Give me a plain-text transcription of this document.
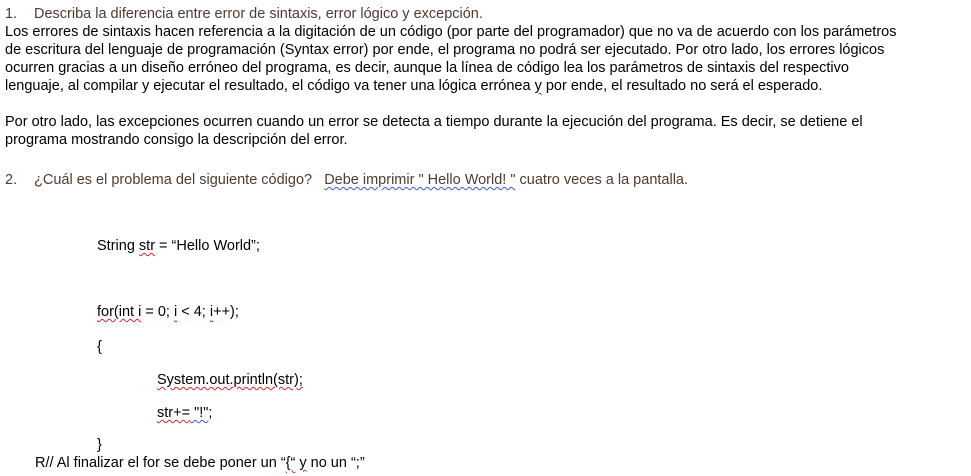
1. Describa la diferencia entre error de sintaxis, error lógico y excepción.
Los errores de sintaxis hacen referencia a la digitación de un código (por parte del programador) que no va de acuerdo con los parámetros
de escritura del lenguaje de programación (Syntax error) por ende, el programa no podrá ser ejecutado. Por otro lado, los errores lógicos
ocurren gracias a un diseño erróneo del programa, es decir, aunque la línea de código lea los parámetros de sintaxis del respectivo
lenguaje, al compilar y ejecutar el resultado, el código va tener una lógica errónea y por ende, el resultado no será el esperado.
Por otro lado, las excepciones ocurren cuando un error se detecta a tiempo durante la ejecución del programa. Es decir, se detiene el
programa mostrando consigo la descripción del error.
2. ¿Cuál es el problema del siguiente código? Debe imprimir " Hello World! " cuatro veces a la pantalla.
String str = “Hello World”;
for(int i = 0; i < 4; i++);
{
System.out.println(str);
str+= "!";
}
R// Al finalizar el for se debe poner un “{“ y no un “;”
